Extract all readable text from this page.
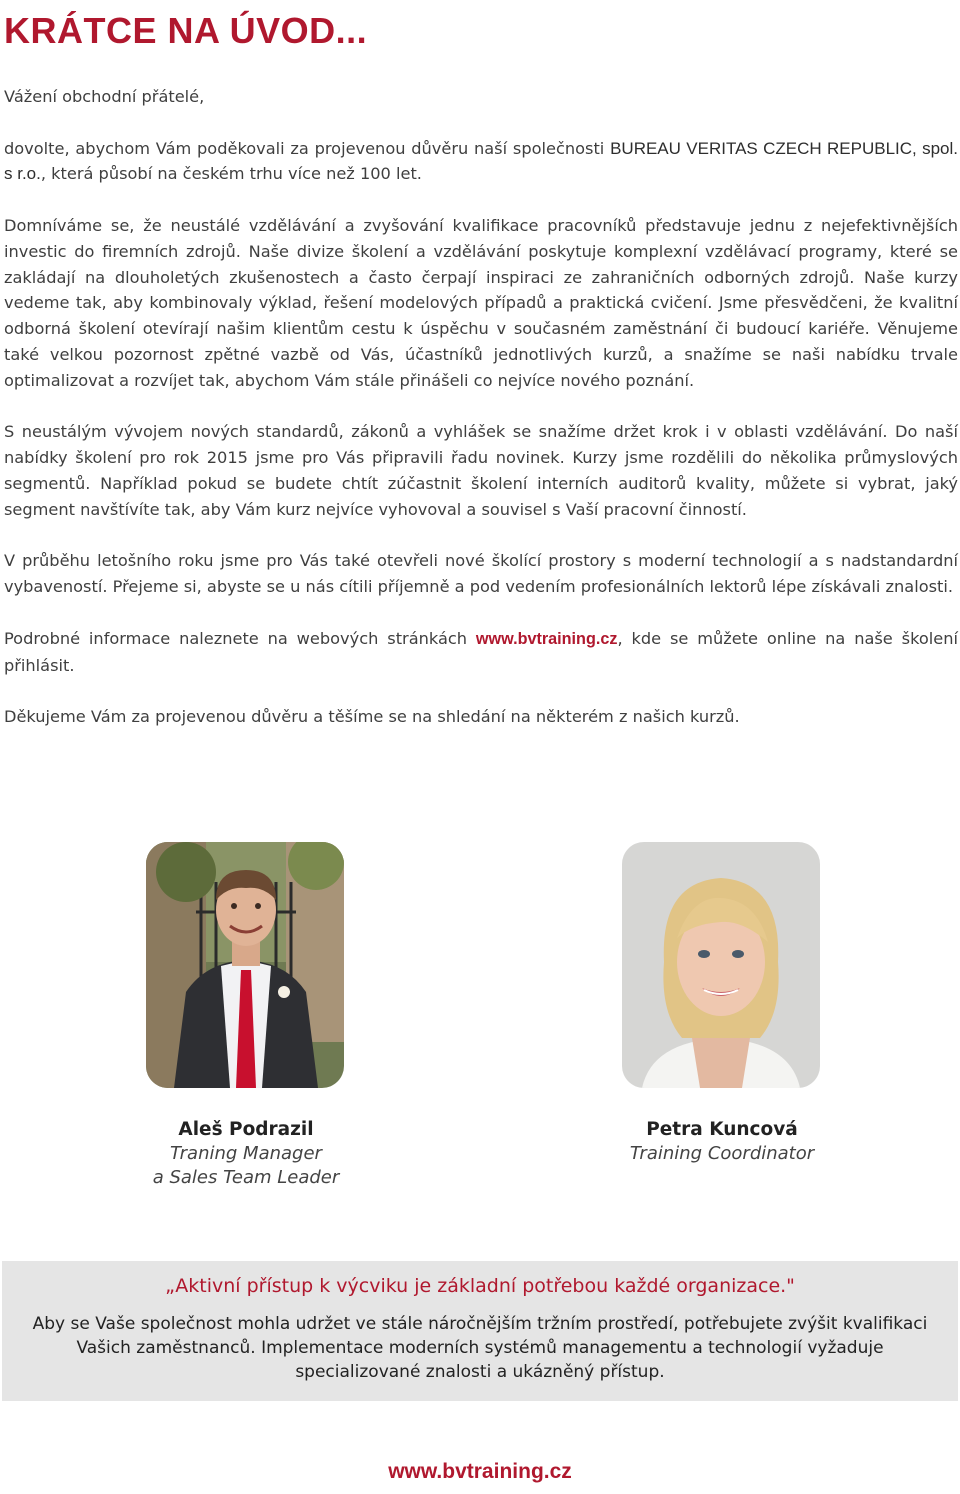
KRÁTCE NA ÚVOD...

Vážení obchodní přátelé,

dovolte, abychom Vám poděkovali za projevenou důvěru naší společnosti BUREAU VERITAS CZECH REPUBLIC, spol. s r.o., která působí na českém trhu více než 100 let.

Domníváme se, že neustálé vzdělávání a zvyšování kvalifikace pracovníků představuje jednu z nejefektivnějších investic do firemních zdrojů. Naše divize školení a vzdělávání poskytuje komplexní vzdělávací programy, které se zakládají na dlouholetých zkušenostech a často čerpají inspiraci ze zahraničních odborných zdrojů. Naše kurzy vedeme tak, aby kombinovaly výklad, řešení modelových případů a praktická cvičení. Jsme přesvědčeni, že kvalitní odborná školení otevírají našim klientům cestu k úspěchu v současném zaměstnání či budoucí kariéře. Věnujeme také velkou pozornost zpětné vazbě od Vás, účastníků jednotlivých kurzů, a snažíme se naši nabídku trvale optimalizovat a rozvíjet tak, abychom Vám stále přinášeli co nejvíce nového poznání.

S neustálým vývojem nových standardů, zákonů a vyhlášek se snažíme držet krok i v oblasti vzdělávání. Do naší nabídky školení pro rok 2015 jsme pro Vás připravili řadu novinek. Kurzy jsme rozdělili do několika průmyslových segmentů. Například pokud se budete chtít zúčastnit školení interních auditorů kvality, můžete si vybrat, jaký segment navštívíte tak, aby Vám kurz nejvíce vyhovoval a souvisel s Vaší pracovní činností.

V průběhu letošního roku jsme pro Vás také otevřeli nové školící prostory s moderní technologií a s nadstandardní vybaveností. Přejeme si, abyste se u nás cítili příjemně a pod vedením profesionálních lektorů lépe získávali znalosti.

Podrobné informace naleznete na webových stránkách www.bvtraining.cz, kde se můžete online na naše školení přihlásit.

Děkujeme Vám za projevenou důvěru a těšíme se na shledání na některém z našich kurzů.

Aleš Podrazil
Traning Manager
a Sales Team Leader
Petra Kuncová
Training Coordinator
„Aktivní přístup k výcviku je základní potřebou každé organizace."
Aby se Vaše společnost mohla udržet ve stále náročnějším tržním prostředí, potřebujete zvýšit kvalifikaci Vašich zaměstnanců. Implementace moderních systémů managementu a technologií vyžaduje specializované znalosti a ukázněný přístup.
www.bvtraining.cz
